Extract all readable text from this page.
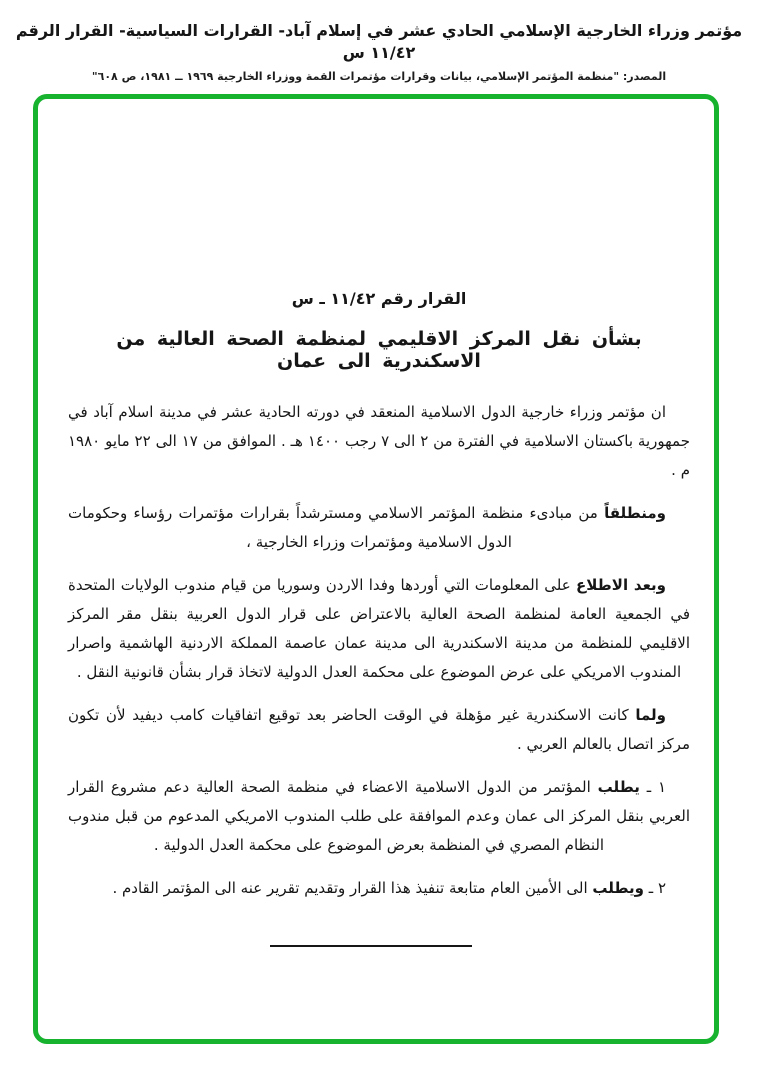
مؤتمر وزراء الخارجية الإسلامي الحادي عشر في إسلام آباد- القرارات السياسية- القرار الرقم ١١/٤٢ س
المصدر: "منظمة المؤتمر الإسلامي، بيانات وقرارات مؤتمرات القمة ووزراء الخارجية ١٩٦٩ ــ ١٩٨١، ص ٦٠٨"

القرار رقم ١١/٤٢ ـ س

بشأن نقل المركز الاقليمي لمنظمة الصحة العالية من الاسكندرية الى عمان

ان مؤتمر وزراء خارجية الدول الاسلامية المنعقد في دورته الحادية عشر في مدينة اسلام آباد في جمهورية باكستان الاسلامية في الفترة من ٢ الى ٧ رجب ١٤٠٠ هـ . الموافق من ١٧ الى ٢٢ مايو ١٩٨٠ م .

ومنطلقاً من مبادىء منظمة المؤتمر الاسلامي ومسترشداً بقرارات مؤتمرات رؤساء وحكومات الدول الاسلامية ومؤتمرات وزراء الخارجية ،

وبعد الاطلاع على المعلومات التي أوردها وفدا الاردن وسوريا من قيام مندوب الولايات المتحدة في الجمعية العامة لمنظمة الصحة العالية بالاعتراض على قرار الدول العربية بنقل مقر المركز الاقليمي للمنظمة من مدينة الاسكندرية الى مدينة عمان عاصمة المملكة الاردنية الهاشمية واصرار المندوب الامريكي على عرض الموضوع على محكمة العدل الدولية لاتخاذ قرار بشأن قانونية النقل .

ولما كانت الاسكندرية غير مؤهلة في الوقت الحاضر بعد توقيع اتفاقيات كامب ديفيد لأن تكون مركز اتصال بالعالم العربي .

١ ـ يطلب المؤتمر من الدول الاسلامية الاعضاء في منظمة الصحة العالية دعم مشروع القرار العربي بنقل المركز الى عمان وعدم الموافقة على طلب المندوب الامريكي المدعوم من قبل مندوب النظام المصري في المنظمة بعرض الموضوع على محكمة العدل الدولية .

٢ ـ ويطلب الى الأمين العام متابعة تنفيذ هذا القرار وتقديم تقرير عنه الى المؤتمر القادم .
